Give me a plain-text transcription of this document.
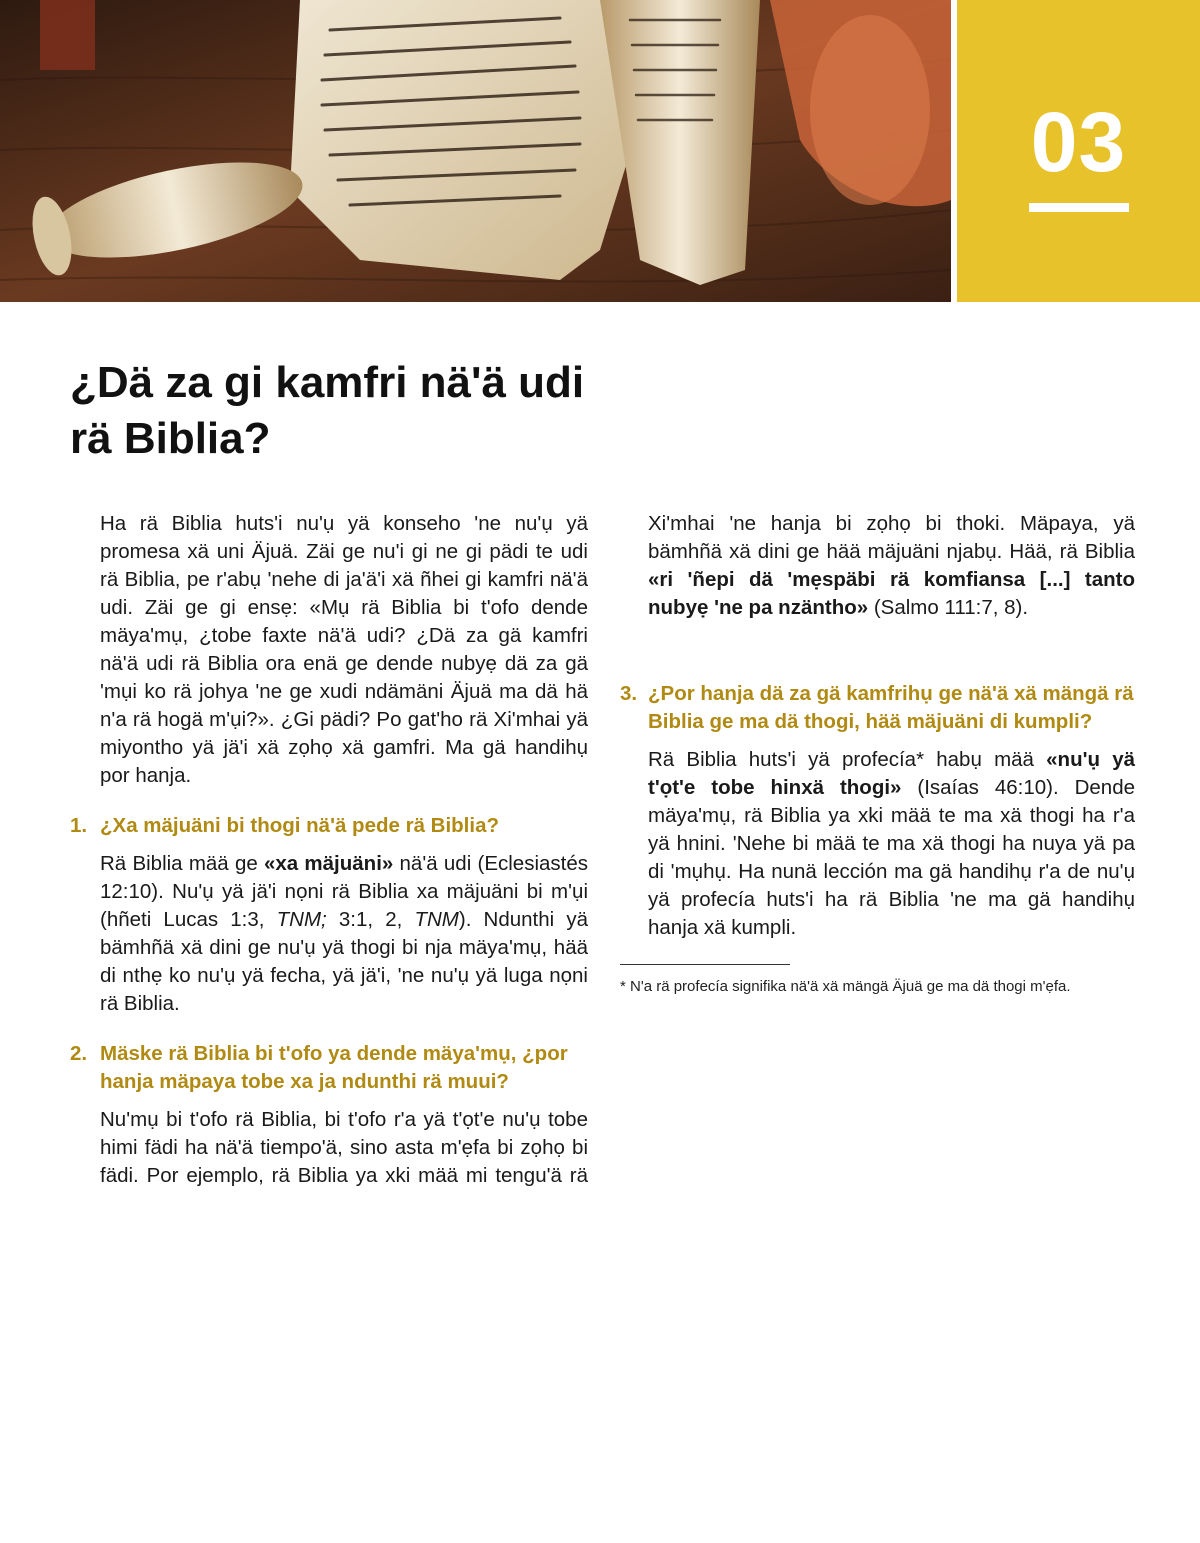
03
¿Dä za gi kamfri nä'ä udi rä Biblia?

Ha rä Biblia huts'i nu'ụ yä konseho 'ne nu'ụ yä promesa xä uni Äjuä. Zäi ge nu'i gi ne gi pädi te udi rä Biblia, pe r'abụ 'nehe di ja'ä'i xä ñhei gi kamfri nä'ä udi. Zäi ge gi ensẹ: «Mụ rä Biblia bi t'ofo dende mäya'mụ, ¿tobe faxte nä'ä udi? ¿Dä za gä kamfri nä'ä udi rä Biblia ora enä ge dende nubyẹ dä za gä 'mụi ko rä johya 'ne ge xudi ndämäni Äjuä ma dä hä n'a rä hogä m'ụi?». ¿Gi pädi? Po gat'ho rä Xi'mhai yä miyontho yä jä'i xä zọhọ xä gamfri. Ma gä handihụ por hanja.

1. ¿Xa mäjuäni bi thogi nä'ä pede rä Biblia?

Rä Biblia mää ge «xa mäjuäni» nä'ä udi (Eclesiastés 12:10). Nu'ụ yä jä'i nọni rä Biblia xa mäjuäni bi m'ụi (hñeti Lucas 1:3, TNM; 3:1, 2, TNM). Ndunthi yä bämhñä xä dini ge nu'ụ yä thogi bi nja mäya'mụ, hää di nthẹ ko nu'ụ yä fecha, yä jä'i, 'ne nu'ụ yä luga nọni rä Biblia.

2. Mäske rä Biblia bi t'ofo ya dende mäya'mụ, ¿por hanja mäpaya tobe xa ja ndunthi rä muui?

Nu'mụ bi t'ofo rä Biblia, bi t'ofo r'a yä t'ọt'e nu'ụ tobe himi fädi ha nä'ä tiempo'ä, sino asta m'ẹfa bi zọhọ bi fädi. Por ejemplo, rä Biblia ya xki mää mi tengu'ä rä

Xi'mhai 'ne hanja bi zọhọ bi thoki. Mäpaya, yä bämhñä xä dini ge hää mäjuäni njabụ. Hää, rä Biblia «ri 'ñepi dä 'mẹspäbi rä komfiansa [...] tanto nubyẹ 'ne pa nzäntho» (Salmo 111:7, 8).

3. ¿Por hanja dä za gä kamfrihụ ge nä'ä xä mängä rä Biblia ge ma dä thogi, hää mäjuäni di kumpli?

Rä Biblia huts'i yä profecía* habụ mää «nu'ụ yä t'ọt'e tobe hinxä thogi» (Isaías 46:10). Dende mäya'mụ, rä Biblia ya xki mää te ma xä thogi ha r'a yä hnini. 'Nehe bi mää te ma xä thogi ha nuya yä pa di 'mụhụ. Ha nunä lección ma gä handihụ r'a de nu'ụ yä profecía huts'i ha rä Biblia 'ne ma gä handihụ hanja xä kumpli.

* N'a rä profecía signifika nä'ä xä mängä Äjuä ge ma dä thogi m'ẹfa.
